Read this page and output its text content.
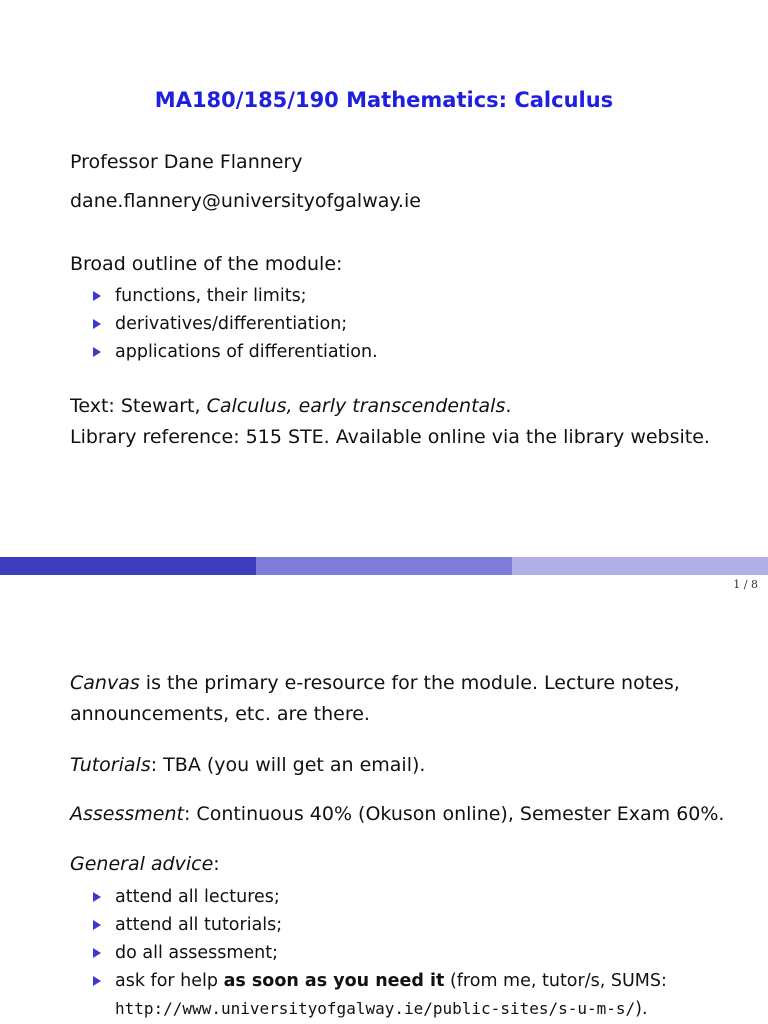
MA180/185/190 Mathematics: Calculus
Professor Dane Flannery
dane.flannery@universityofgalway.ie
Broad outline of the module:
functions, their limits;
derivatives/differentiation;
applications of differentiation.
Text: Stewart, Calculus, early transcendentals.
Library reference: 515 STE. Available online via the library website.
1 / 8
Canvas is the primary e-resource for the module. Lecture notes,
announcements, etc. are there.
Tutorials: TBA (you will get an email).
Assessment: Continuous 40% (Okuson online), Semester Exam 60%.
General advice:
attend all lectures;
attend all tutorials;
do all assessment;
ask for help as soon as you need it (from me, tutor/s, SUMS:
http://www.universityofgalway.ie/public-sites/s-u-m-s/).
